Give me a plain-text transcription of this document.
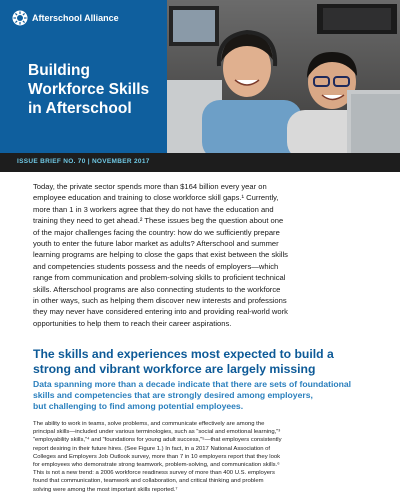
Afterschool Alliance
Building
Workforce Skills
in Afterschool
ISSUE BRIEF NO. 70 | NOVEMBER 2017

Today, the private sector spends more than $164 billion every year on
employee education and training to close workforce skill gaps.¹ Currently,
more than 1 in 3 workers agree that they do not have the education and
training they need to get ahead.² These issues beg the question about one
of the major challenges facing the country: how do we sufficiently prepare
youth to enter the future labor market as adults? Afterschool and summer
learning programs are helping to close the gaps that exist between the skills
and competencies students possess and the needs of employers—which
range from communication and problem-solving skills to proficient technical
skills. Afterschool programs are also connecting students to the workforce
in other ways, such as helping them discover new interests and professions
they may never have considered entering into and providing real-world work
opportunities to help them to reach their career aspirations.

The skills and experiences most expected to build a
strong and vibrant workforce are largely missing

Data spanning more than a decade indicate that there are sets of foundational
skills and competencies that are strongly desired among employers,
but challenging to find among potential employees.

The ability to work in teams, solve problems, and communicate effectively are among the
principal skills—included under various terminologies, such as “social and emotional learning,”³
“employability skills,”⁴ and “foundations for young adult success,”⁵—that employers consistently
report desiring in their future hires. (See Figure 1.) In fact, in a 2017 National Association of
Colleges and Employers Job Outlook survey, more than 7 in 10 employers report that they look
for employees who demonstrate strong teamwork, problem-solving, and communication skills.⁶
This is not a new trend: a 2006 workforce readiness survey of more than 400 U.S. employers
found that communication, teamwork and collaboration, and critical thinking and problem
solving were among the most important skills reported.⁷
